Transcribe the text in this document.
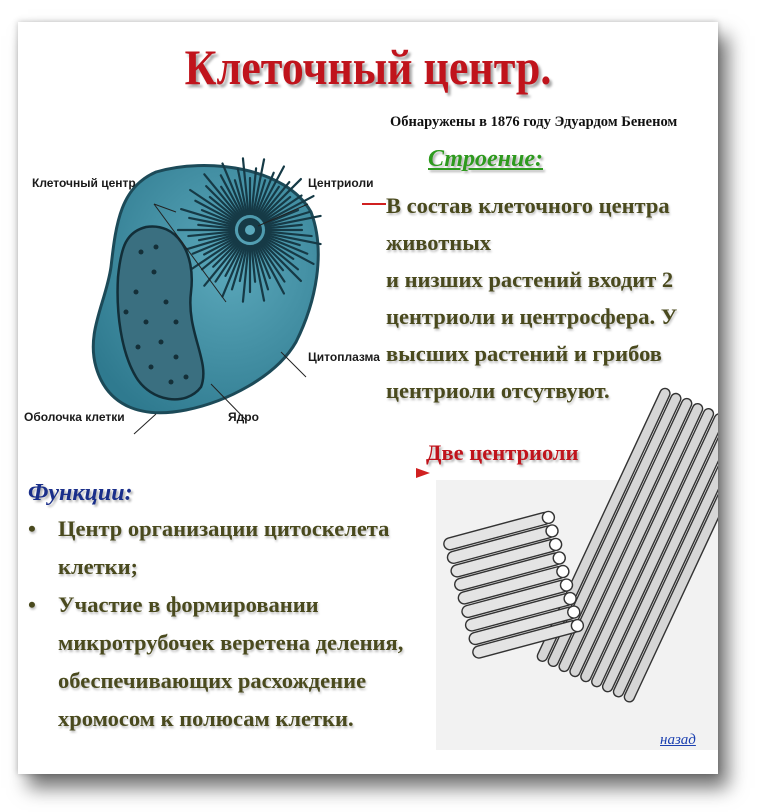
Клеточный центр.
Обнаружены в 1876 году Эдуардом Бененом
Клеточный центр	Центриоли
Цитоплазма
Оболочка клетки	Ядро
Строение:
В состав клеточного центра
животных
и низших растений входит 2
центриоли и центросфера. У
высших растений и грибов
центриоли отсутвуют.
Две центриоли
Функции:
• Центр организации цитоскелета клетки;
• Участие в формировании микротрубочек веретена деления, обеспечивающих расхождение хромосом к полюсам клетки.
назад
